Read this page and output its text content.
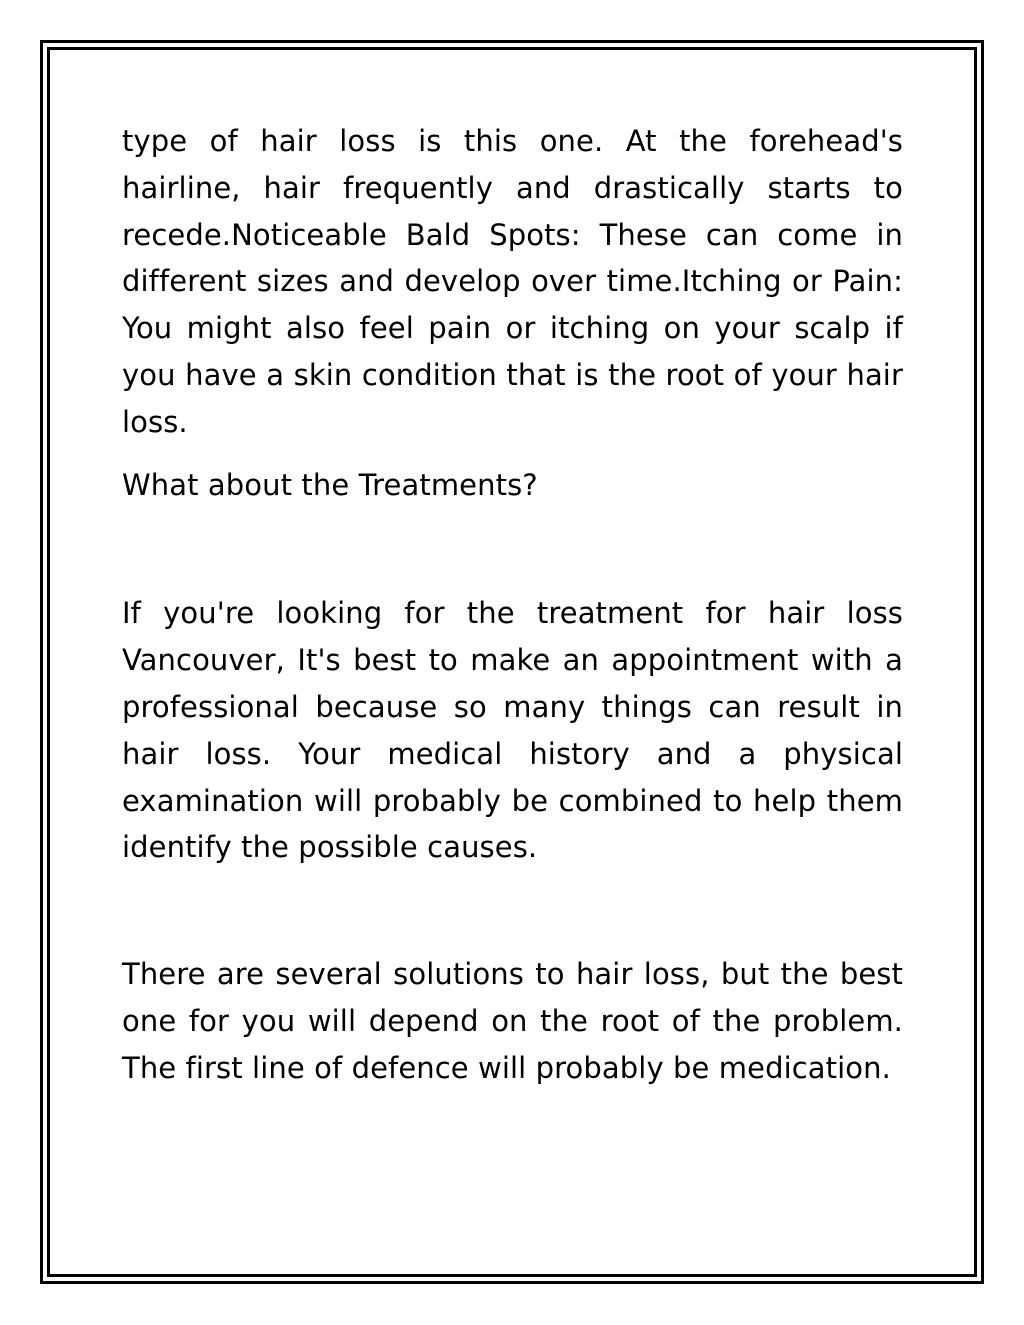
type of hair loss is this one. At the forehead's hairline, hair frequently and drastically starts to recede.Noticeable Bald Spots: These can come in different sizes and develop over time.Itching or Pain: You might also feel pain or itching on your scalp if you have a skin condition that is the root of your hair loss.

What about the Treatments?

If you're looking for the treatment for hair loss Vancouver, It's best to make an appointment with a professional because so many things can result in hair loss. Your medical history and a physical examination will probably be combined to help them identify the possible causes.

There are several solutions to hair loss, but the best one for you will depend on the root of the problem. The first line of defence will probably be medication.
